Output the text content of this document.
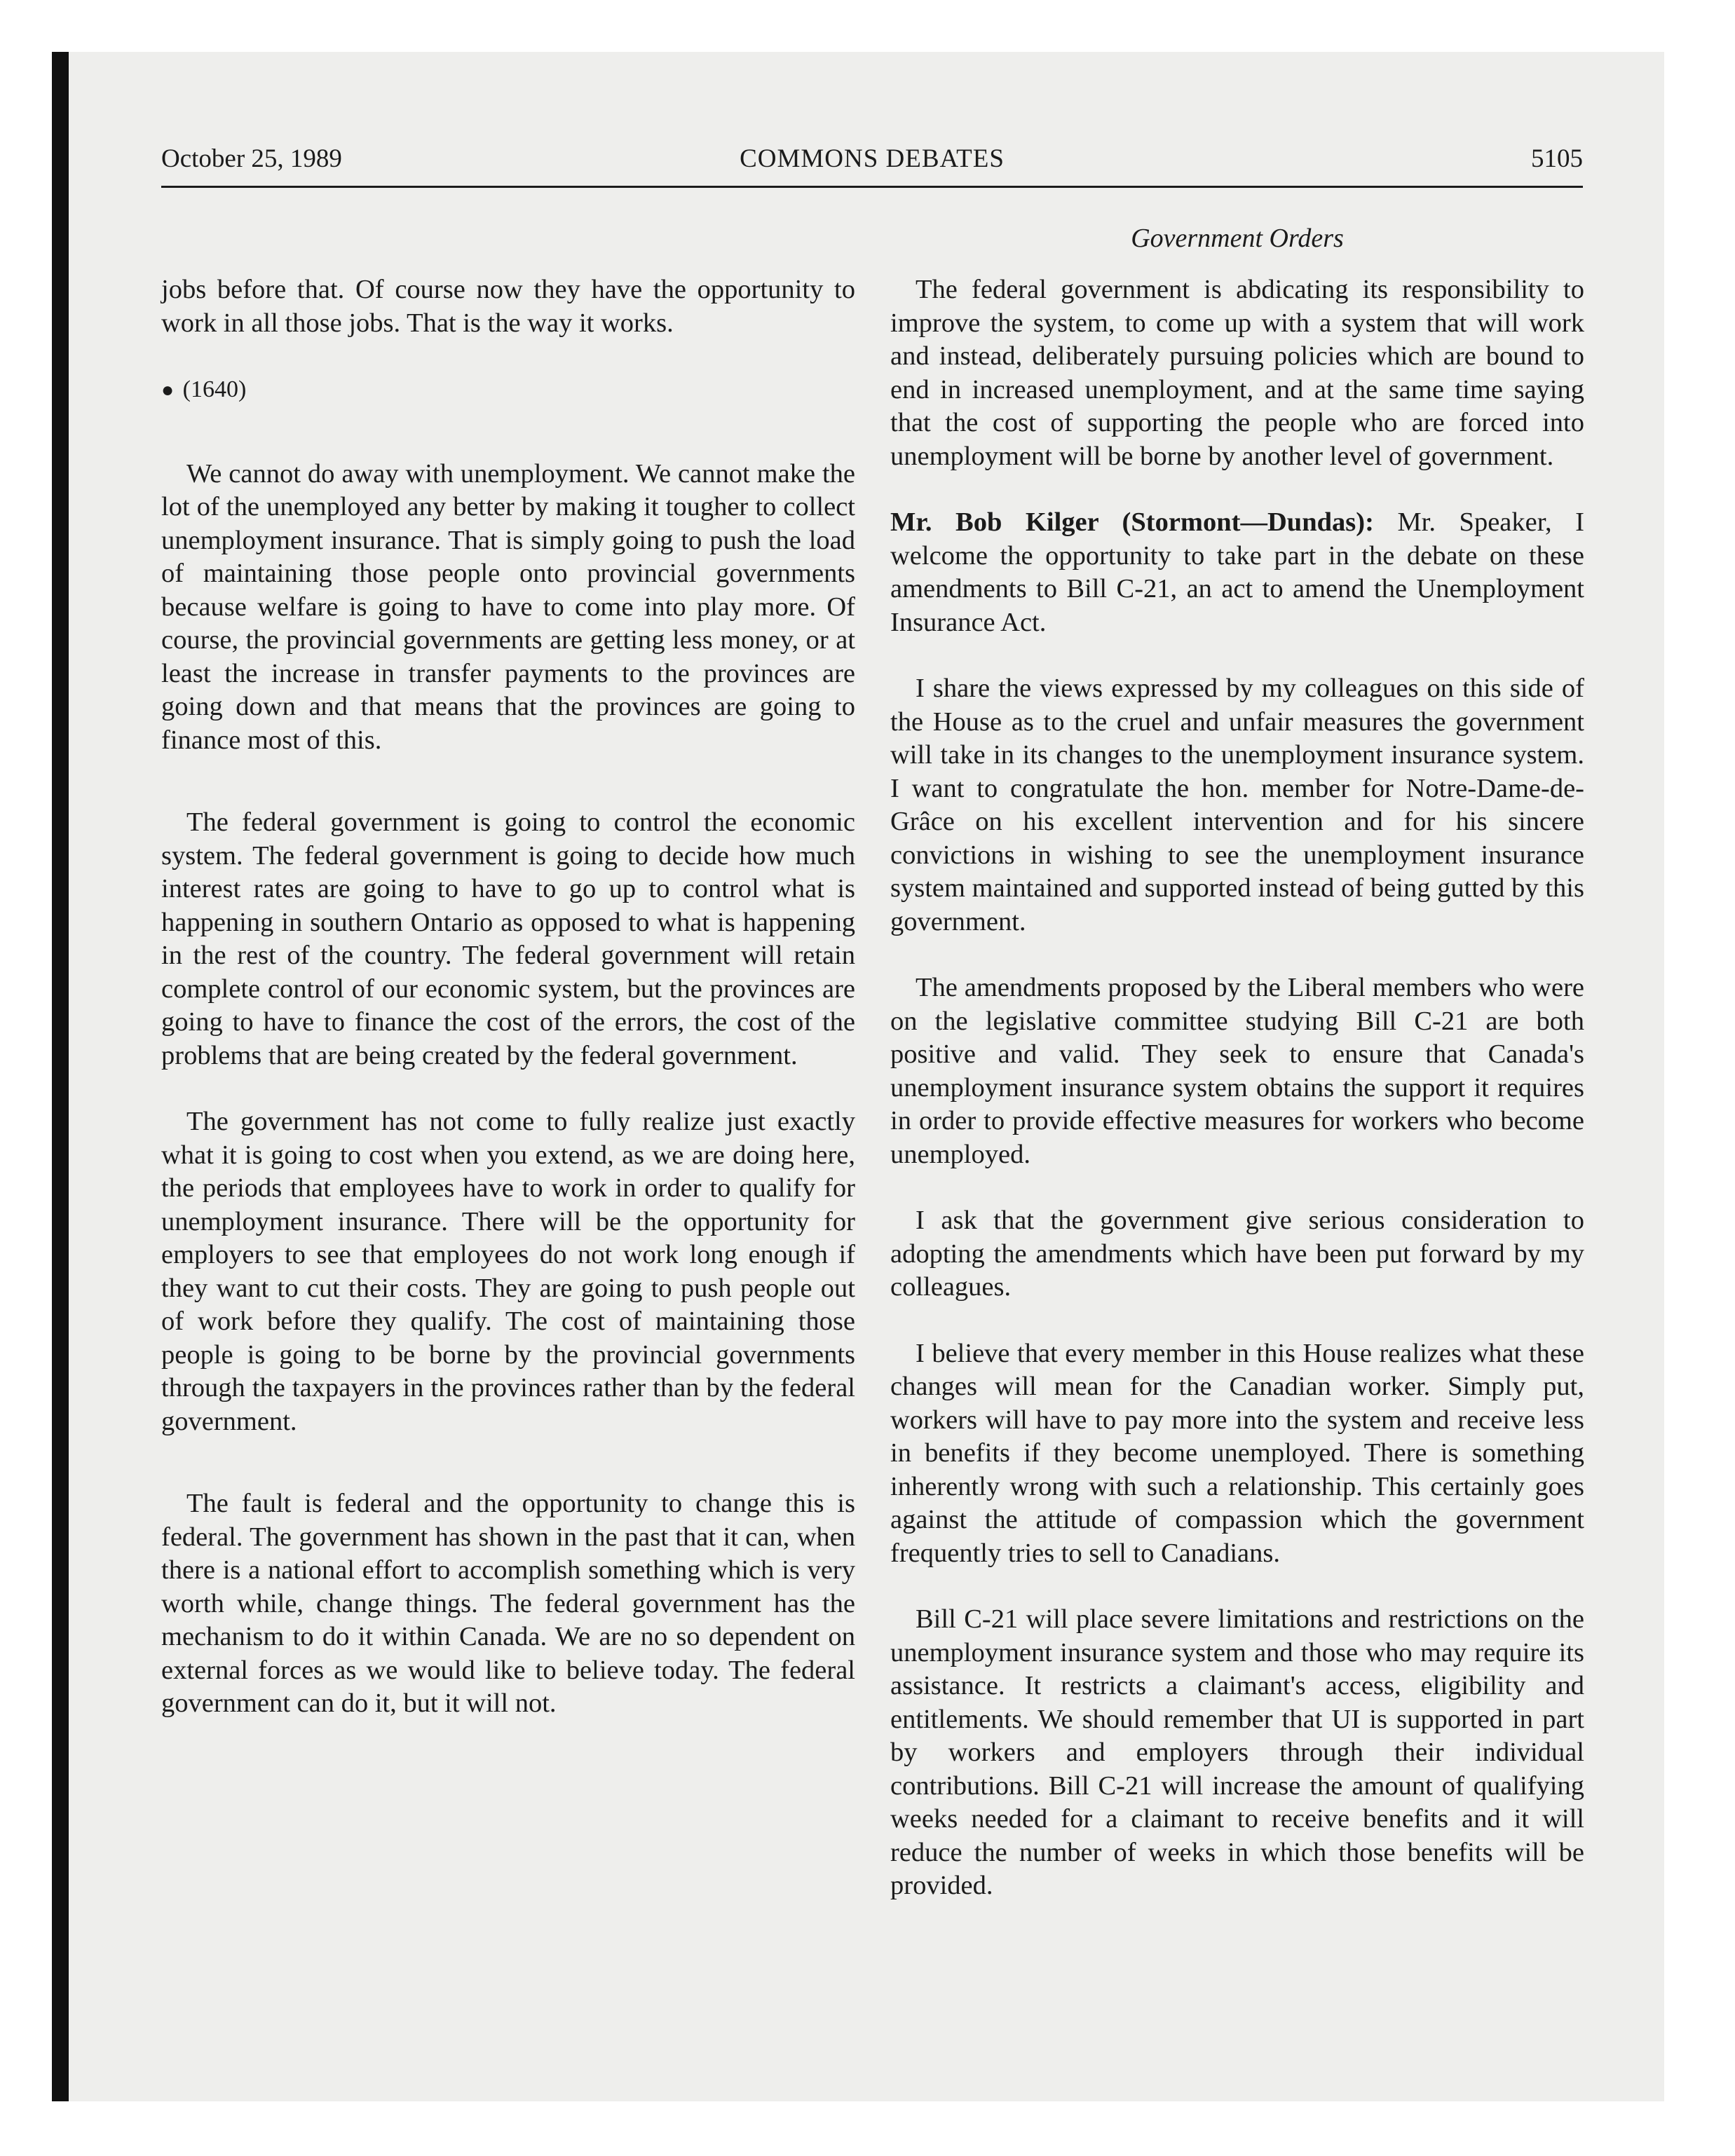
October 25, 1989	COMMONS DEBATES	5105
Government Orders

jobs before that. Of course now they have the opportunity to work in all those jobs. That is the way it works.

● (1640)

We cannot do away with unemployment. We cannot make the lot of the unemployed any better by making it tougher to collect unemployment insurance. That is simply going to push the load of maintaining those people onto provincial governments because welfare is going to have to come into play more. Of course, the provincial governments are getting less money, or at least the increase in transfer payments to the provinces are going down and that means that the provinces are going to finance most of this.

The federal government is going to control the economic system. The federal government is going to decide how much interest rates are going to have to go up to control what is happening in southern Ontario as opposed to what is happening in the rest of the country. The federal government will retain complete control of our economic system, but the provinces are going to have to finance the cost of the errors, the cost of the problems that are being created by the federal government.

The government has not come to fully realize just exactly what it is going to cost when you extend, as we are doing here, the periods that employees have to work in order to qualify for unemployment insurance. There will be the opportunity for employers to see that employees do not work long enough if they want to cut their costs. They are going to push people out of work before they qualify. The cost of maintaining those people is going to be borne by the provincial governments through the taxpayers in the provinces rather than by the federal government.

The fault is federal and the opportunity to change this is federal. The government has shown in the past that it can, when there is a national effort to accomplish something which is very worth while, change things. The federal government has the mechanism to do it within Canada. We are no so dependent on external forces as we would like to believe today. The federal government can do it, but it will not.

The federal government is abdicating its responsibility to improve the system, to come up with a system that will work and instead, deliberately pursuing policies which are bound to end in increased unemployment, and at the same time saying that the cost of supporting the people who are forced into unemployment will be borne by another level of government.

Mr. Bob Kilger (Stormont—Dundas): Mr. Speaker, I welcome the opportunity to take part in the debate on these amendments to Bill C-21, an act to amend the Unemployment Insurance Act.

I share the views expressed by my colleagues on this side of the House as to the cruel and unfair measures the government will take in its changes to the unemployment insurance system. I want to congratulate the hon. member for Notre-Dame-de-Grâce on his excellent intervention and for his sincere convictions in wishing to see the unemployment insurance system maintained and supported instead of being gutted by this government.

The amendments proposed by the Liberal members who were on the legislative committee studying Bill C-21 are both positive and valid. They seek to ensure that Canada's unemployment insurance system obtains the support it requires in order to provide effective measures for workers who become unemployed.

I ask that the government give serious consideration to adopting the amendments which have been put forward by my colleagues.

I believe that every member in this House realizes what these changes will mean for the Canadian worker. Simply put, workers will have to pay more into the system and receive less in benefits if they become unemployed. There is something inherently wrong with such a relationship. This certainly goes against the attitude of compassion which the government frequently tries to sell to Canadians.

Bill C-21 will place severe limitations and restrictions on the unemployment insurance system and those who may require its assistance. It restricts a claimant's access, eligibility and entitlements. We should remember that UI is supported in part by workers and employers through their individual contributions. Bill C-21 will increase the amount of qualifying weeks needed for a claimant to receive benefits and it will reduce the number of weeks in which those benefits will be provided.
